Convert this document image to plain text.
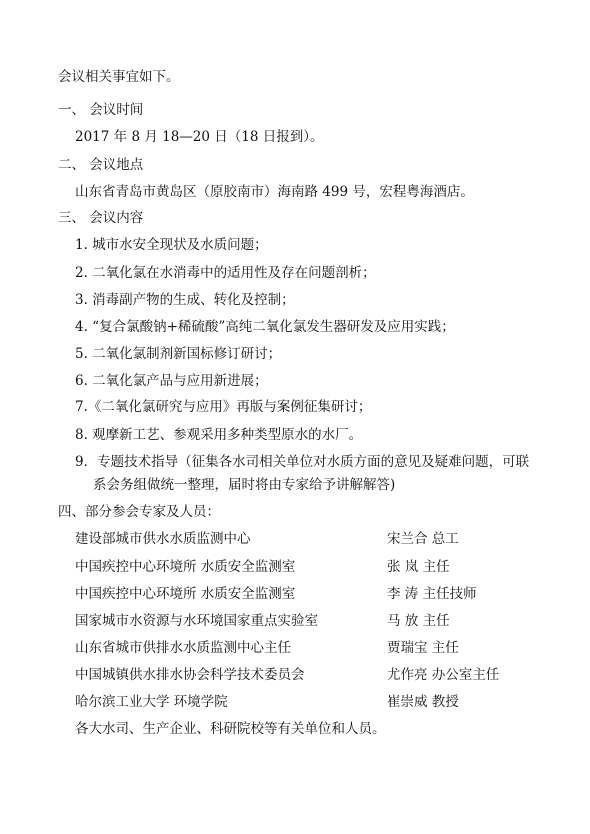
会议相关事宜如下。
一、 会议时间
2017 年 8 月 18—20 日（18 日报到）。
二、 会议地点
山东省青岛市黄岛区（原胶南市）海南路 499 号，宏程粤海酒店。
三、 会议内容
1. 城市水安全现状及水质问题；
2. 二氧化氯在水消毒中的适用性及存在问题剖析；
3. 消毒副产物的生成、转化及控制；
4. “复合氯酸钠+稀硫酸”高纯二氧化氯发生器研发及应用实践；
5. 二氧化氯制剂新国标修订研讨；
6. 二氧化氯产品与应用新进展；
7.《二氧化氯研究与应用》再版与案例征集研讨；
8. 观摩新工艺、参观采用多种类型原水的水厂。
9．专题技术指导（征集各水司相关单位对水质方面的意见及疑难问题，可联
系会务组做统一整理，届时将由专家给予讲解解答)
四、部分参会专家及人员：
建设部城市供水水质监测中心	宋兰合 总工
中国疾控中心环境所 水质安全监测室	张 岚 主任
中国疾控中心环境所 水质安全监测室	李 涛 主任技师
国家城市水资源与水环境国家重点实验室	马 放 主任
山东省城市供排水水质监测中心主任	贾瑞宝 主任
中国城镇供水排水协会科学技术委员会	尤作亮 办公室主任
哈尔滨工业大学 环境学院	崔崇威 教授
各大水司、生产企业、科研院校等有关单位和人员。
